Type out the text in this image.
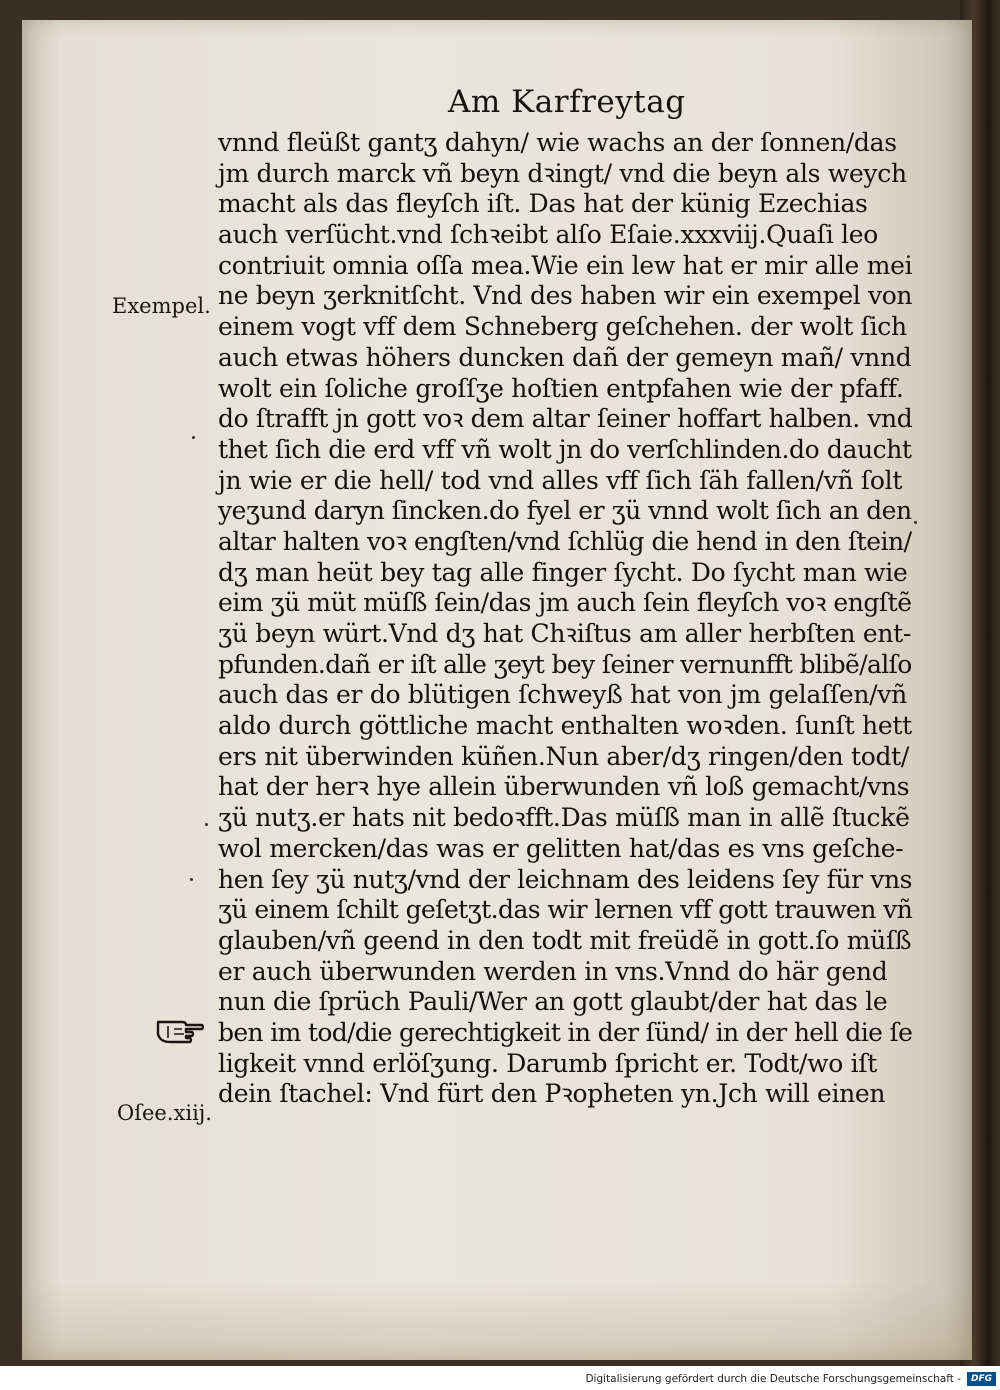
Am Karfreytag
vnnd fleüßt gantʒ dahyn/ wie wachs an der ſonnen/das
jm durch marck vñ beyn dꝛingt/ vnd die beyn als weych
macht als das fleyſch iſt. Das hat der künig Ezechias
auch verſücht.vnd ſchꝛeibt alſo Eſaie.xxxviij.Quaſi leo
contriuit omnia oſſa mea.Wie ein lew hat er mir alle mei
ne beyn ʒerknitſcht. Vnd des haben wir ein exempel von
einem vogt vff dem Schneberg geſchehen. der wolt ſich
auch etwas höhers duncken dañ der gemeyn mañ/ vnnd
wolt ein ſoliche groſſʒe hoſtien entpfahen wie der pfaff.
do ſtrafft jn gott voꝛ dem altar ſeiner hoffart halben. vnd
thet ſich die erd vff vñ wolt jn do verſchlinden.do daucht
jn wie er die hell/ tod vnd alles vff ſich ſäh fallen/vñ ſolt
yeʒund daryn ſincken.do fyel er ʒü vnnd wolt ſich an den
altar halten voꝛ engſten/vnd ſchlüg die hend in den ſtein/
dʒ man heüt bey tag alle finger ſycht. Do ſycht man wie
eim ʒü müt müſß ſein/das jm auch ſein fleyſch voꝛ engſtẽ
ʒü beyn würt.Vnd dʒ hat Chꝛiſtus am aller herbſten ent-
pfunden.dañ er iſt alle ʒeyt bey ſeiner vernunfft blibẽ/alſo
auch das er do blütigen ſchweyß hat von jm gelaſſen/vñ
aldo durch göttliche macht enthalten woꝛden. ſunſt hett
ers nit überwinden küñen.Nun aber/dʒ ringen/den todt/
hat der herꝛ hye allein überwunden vñ loß gemacht/vns
ʒü nutʒ.er hats nit bedoꝛfft.Das müſß man in allẽ ſtuckẽ
wol mercken/das was er gelitten hat/das es vns geſche-
hen ſey ʒü nutʒ/vnd der leichnam des leidens ſey für vns
ʒü einem ſchilt geſetʒt.das wir lernen vff gott trauwen vñ
glauben/vñ geend in den todt mit freüdẽ in gott.ſo müſß
er auch überwunden werden in vns.Vnnd do här gend
nun die ſprüch Pauli/Wer an gott glaubt/der hat das le
ben im tod/die gerechtigkeit in der ſünd/ in der hell die ſe
ligkeit vnnd erlöſʒung. Darumb ſpricht er. Todt/wo iſt
dein ſtachel: Vnd fürt den Pꝛopheten yn.Jch will einen
Exempel.
Oſee.xiij.
Digitalisierung gefördert durch die Deutsche Forschungsgemeinschaft -	DFG
